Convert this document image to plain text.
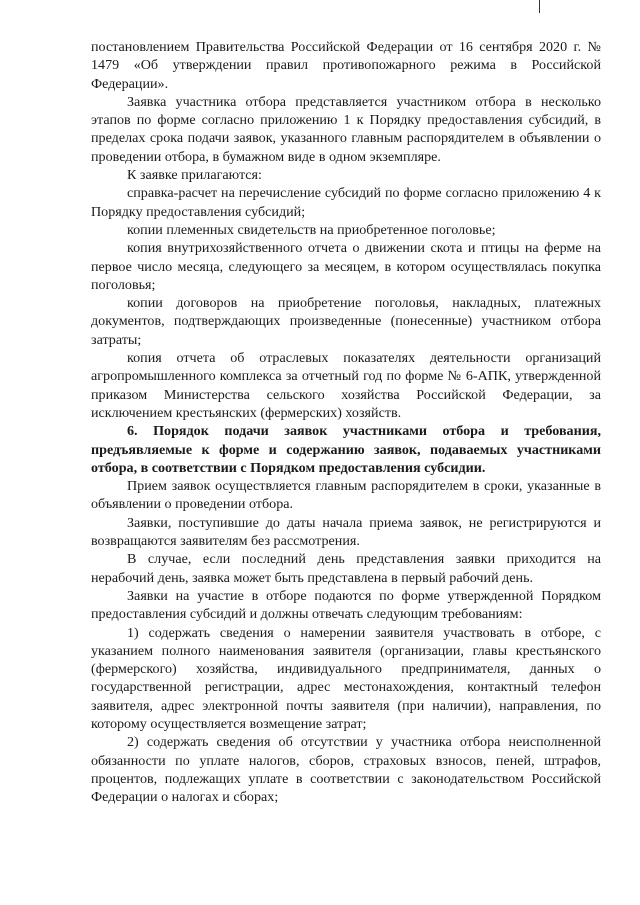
постановлением Правительства Российской Федерации от 16 сентября 2020 г. № 1479 «Об утверждении правил противопожарного режима в Российской Федерации».

Заявка участника отбора представляется участником отбора в несколько этапов по форме согласно приложению 1 к Порядку предоставления субсидий, в пределах срока подачи заявок, указанного главным распорядителем в объявлении о проведении отбора, в бумажном виде в одном экземпляре.

К заявке прилагаются:

справка-расчет на перечисление субсидий по форме согласно приложению 4 к Порядку предоставления субсидий;

копии племенных свидетельств на приобретенное поголовье;

копия внутрихозяйственного отчета о движении скота и птицы на ферме на первое число месяца, следующего за месяцем, в котором осуществлялась покупка поголовья;

копии договоров на приобретение поголовья, накладных, платежных документов, подтверждающих произведенные (понесенные) участником отбора затраты;

копия отчета об отраслевых показателях деятельности организаций агропромышленного комплекса за отчетный год по форме № 6-АПК, утвержденной приказом Министерства сельского хозяйства Российской Федерации, за исключением крестьянских (фермерских) хозяйств.

6. Порядок подачи заявок участниками отбора и требования, предъявляемые к форме и содержанию заявок, подаваемых участниками отбора, в соответствии с Порядком предоставления субсидии.

Прием заявок осуществляется главным распорядителем в сроки, указанные в объявлении о проведении отбора.

Заявки, поступившие до даты начала приема заявок, не регистрируются и возвращаются заявителям без рассмотрения.

В случае, если последний день представления заявки приходится на нерабочий день, заявка может быть представлена в первый рабочий день.

Заявки на участие в отборе подаются по форме утвержденной Порядком предоставления субсидий и должны отвечать следующим требованиям:

1) содержать сведения о намерении заявителя участвовать в отборе, с указанием полного наименования заявителя (организации, главы крестьянского (фермерского) хозяйства, индивидуального предпринимателя, данных о государственной регистрации, адрес местонахождения, контактный телефон заявителя, адрес электронной почты заявителя (при наличии), направления, по которому осуществляется возмещение затрат;

2) содержать сведения об отсутствии у участника отбора неисполненной обязанности по уплате налогов, сборов, страховых взносов, пеней, штрафов, процентов, подлежащих уплате в соответствии с законодательством Российской Федерации о налогах и сборах;
